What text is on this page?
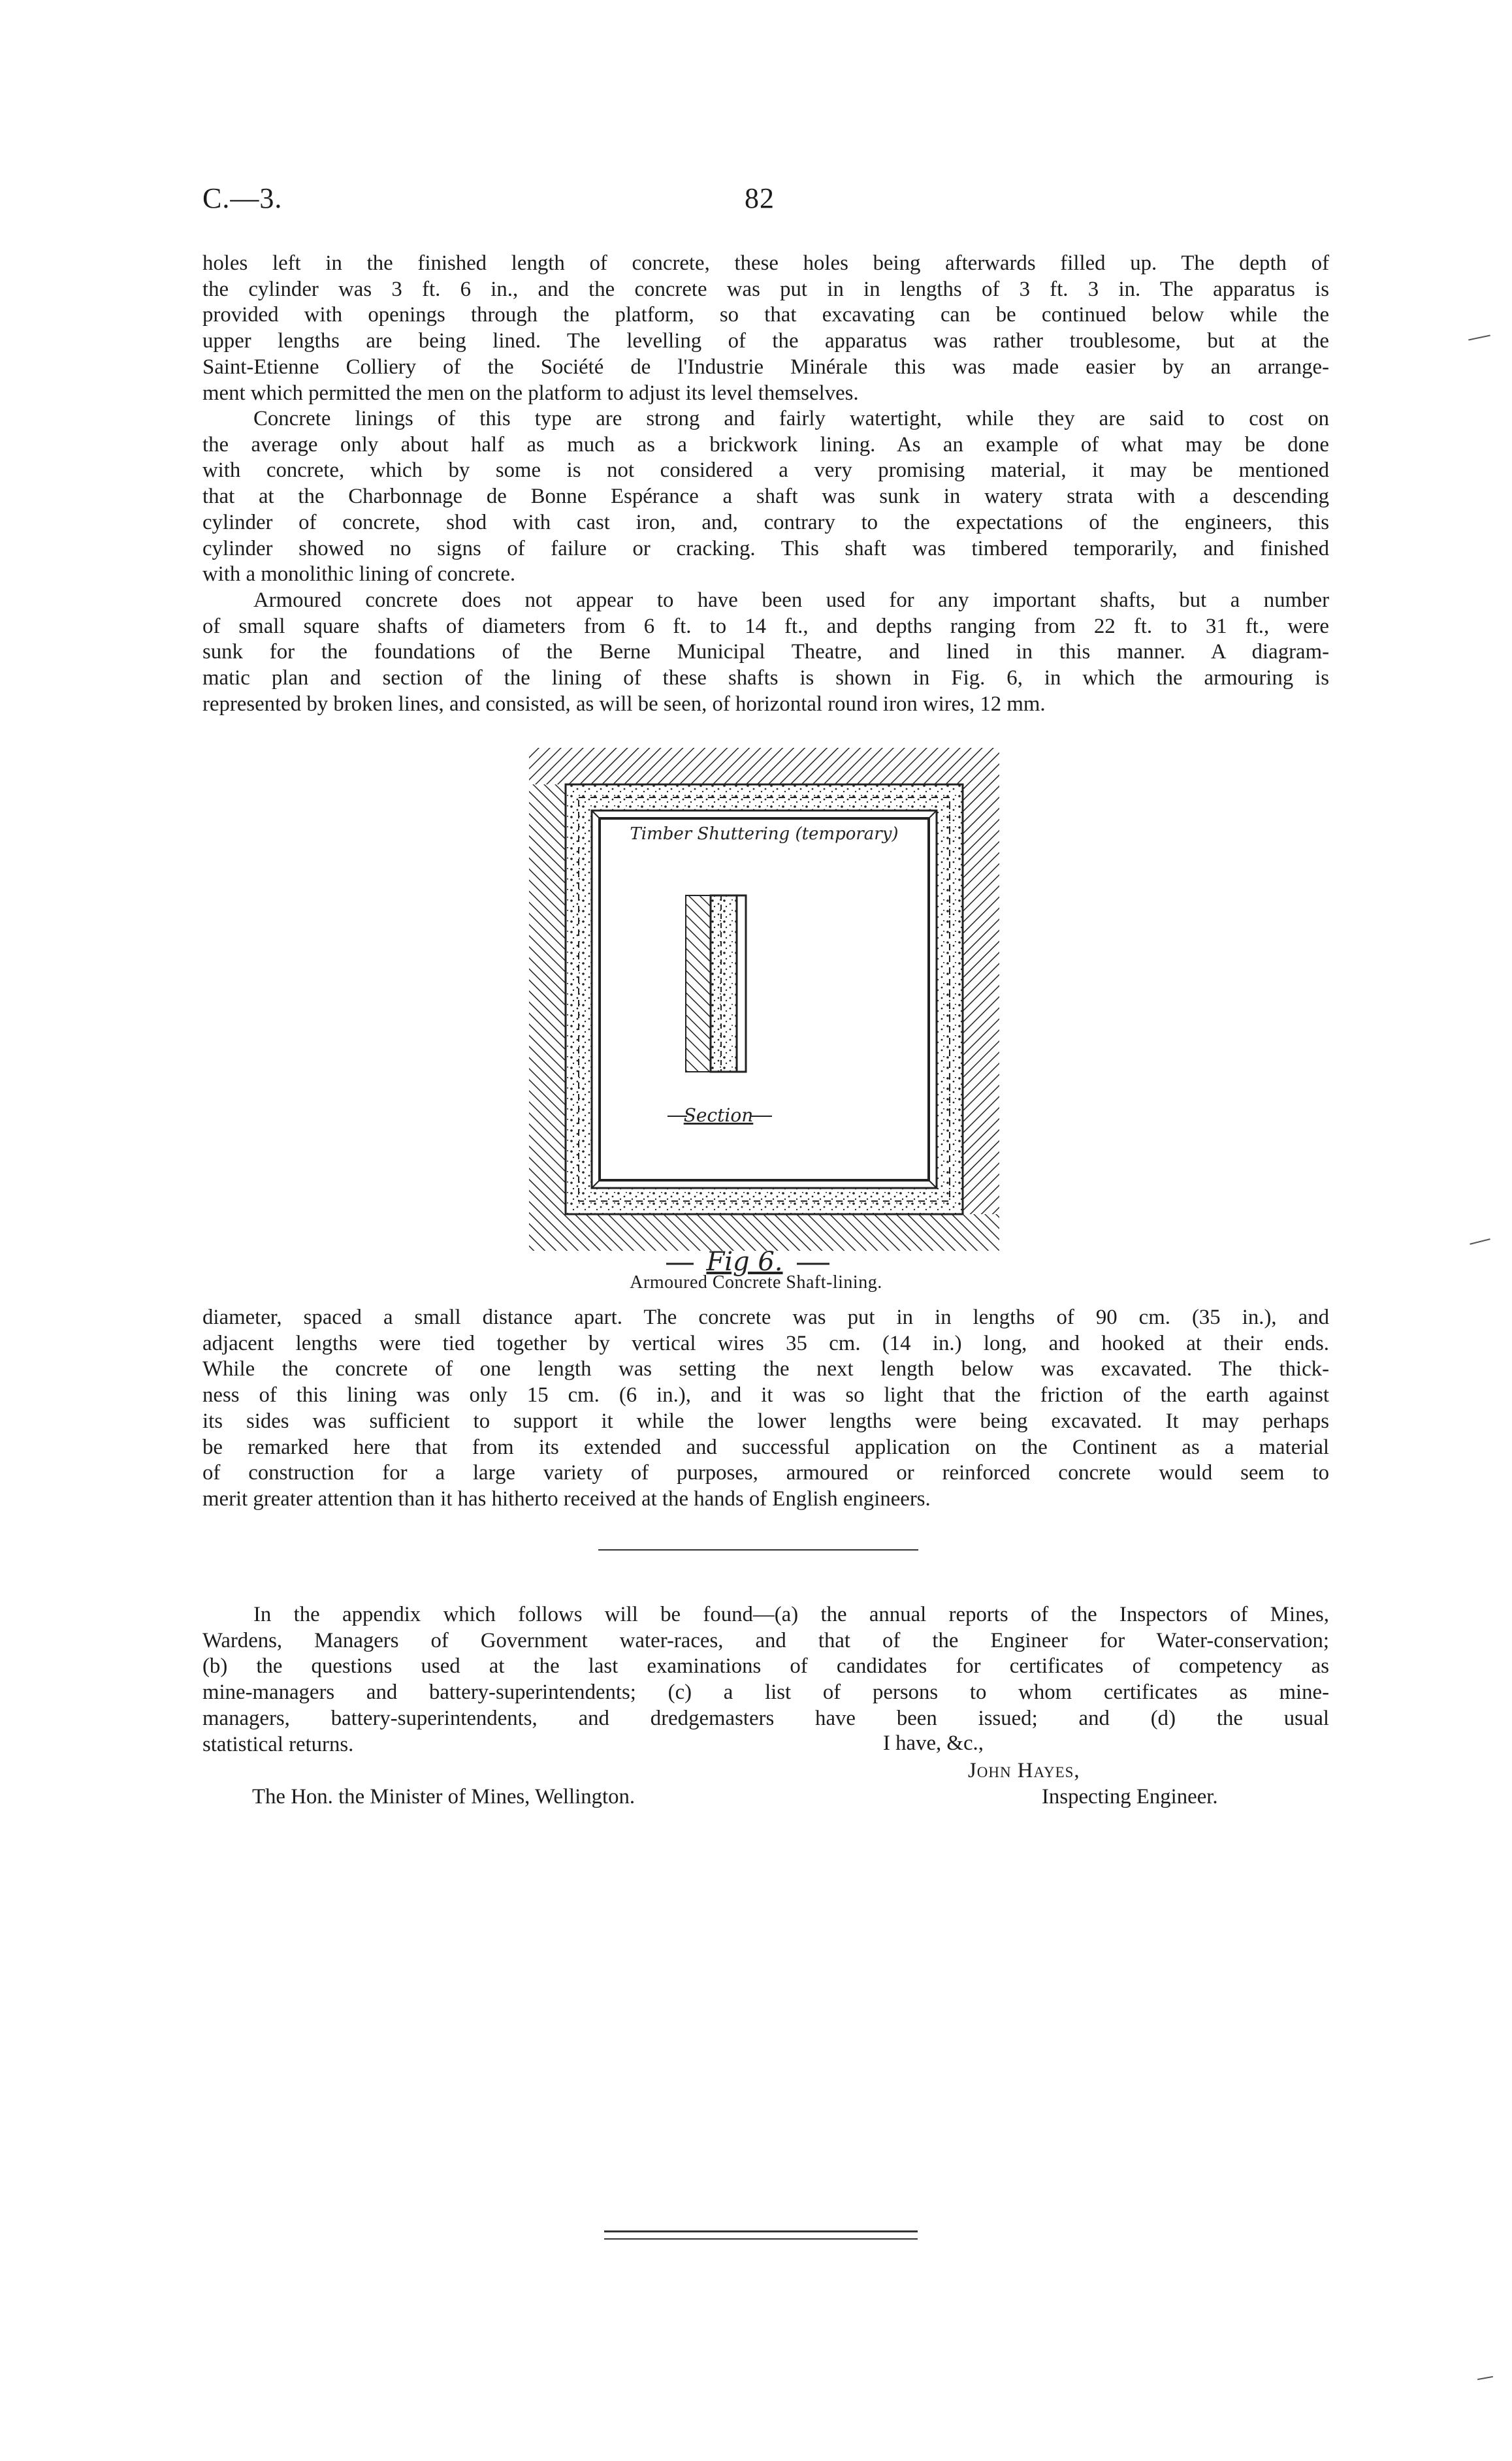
C.—3.	82
holes left in the finished length of concrete, these holes being afterwards filled up. The depth of
the cylinder was 3 ft. 6 in., and the concrete was put in in lengths of 3 ft. 3 in. The apparatus is
provided with openings through the platform, so that excavating can be continued below while the
upper lengths are being lined. The levelling of the apparatus was rather troublesome, but at the
Saint-Etienne Colliery of the Société de l'Industrie Minérale this was made easier by an arrange-
ment which permitted the men on the platform to adjust its level themselves.
Concrete linings of this type are strong and fairly watertight, while they are said to cost on
the average only about half as much as a brickwork lining. As an example of what may be done
with concrete, which by some is not considered a very promising material, it may be mentioned
that at the Charbonnage de Bonne Espérance a shaft was sunk in watery strata with a descending
cylinder of concrete, shod with cast iron, and, contrary to the expectations of the engineers, this
cylinder showed no signs of failure or cracking. This shaft was timbered temporarily, and finished
with a monolithic lining of concrete.
Armoured concrete does not appear to have been used for any important shafts, but a number
of small square shafts of diameters from 6 ft. to 14 ft., and depths ranging from 22 ft. to 31 ft., were
sunk for the foundations of the Berne Municipal Theatre, and lined in this manner. A diagram-
matic plan and section of the lining of these shafts is shown in Fig. 6, in which the armouring is
represented by broken lines, and consisted, as will be seen, of horizontal round iron wires, 12 mm.
Timber Shuttering (temporary)
Section
Fig 6.
Armoured Concrete Shaft-lining.
diameter, spaced a small distance apart. The concrete was put in in lengths of 90 cm. (35 in.), and
adjacent lengths were tied together by vertical wires 35 cm. (14 in.) long, and hooked at their ends.
While the concrete of one length was setting the next length below was excavated. The thick-
ness of this lining was only 15 cm. (6 in.), and it was so light that the friction of the earth against
its sides was sufficient to support it while the lower lengths were being excavated. It may perhaps
be remarked here that from its extended and successful application on the Continent as a material
of construction for a large variety of purposes, armoured or reinforced concrete would seem to
merit greater attention than it has hitherto received at the hands of English engineers.
In the appendix which follows will be found—(a) the annual reports of the Inspectors of Mines,
Wardens, Managers of Government water-races, and that of the Engineer for Water-conservation;
(b) the questions used at the last examinations of candidates for certificates of competency as
mine-managers and battery-superintendents; (c) a list of persons to whom certificates as mine-
managers, battery-superintendents, and dredgemasters have been issued; and (d) the usual
statistical returns.	I have, &c.,
John Hayes,
Inspecting Engineer.
The Hon. the Minister of Mines, Wellington.
